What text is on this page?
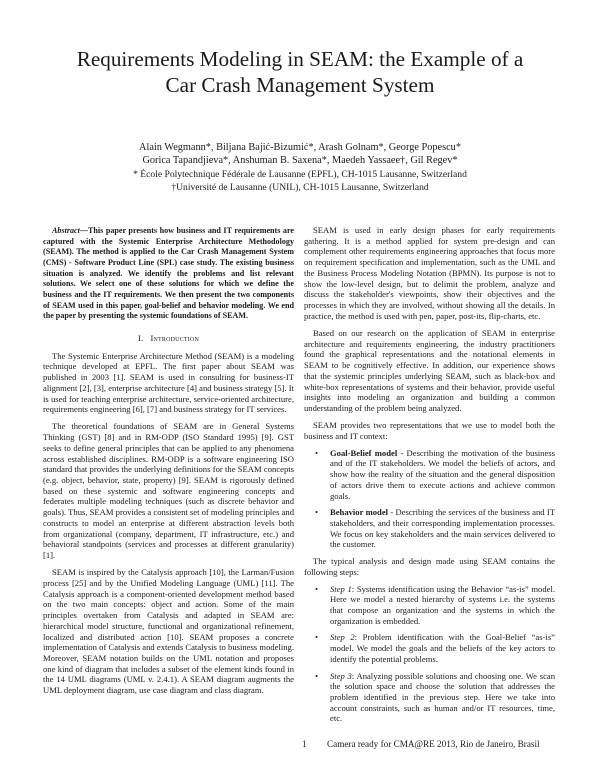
Requirements Modeling in SEAM: the Example of a
Car Crash Management System
Alain Wegmann*, Biljana Bajić-Bizumić*, Arash Golnam*, George Popescu*
Gorica Tapandjieva*, Anshuman B. Saxena*, Maedeh Yassaee†, Gil Regev*
* École Polytechnique Fédérale de Lausanne (EPFL), CH-1015 Lausanne, Switzerland
†Université de Lausanne (UNIL), CH-1015 Lausanne, Switzerland

Abstract—This paper presents how business and IT requirements are captured with the Systemic Enterprise Architecture Methodology (SEAM). The method is applied to the Car Crash Management System (CMS) - Software Product Line (SPL) case study. The existing business situation is analyzed. We identify the problems and list relevant solutions. We select one of these solutions for which we define the business and the IT requirements. We then present the two components of SEAM used in this paper, goal-belief and behavior modeling. We end the paper by presenting the systemic foundations of SEAM.

I. Introduction

The Systemic Enterprise Architecture Method (SEAM) is a modeling technique developed at EPFL. The first paper about SEAM was published in 2003 [1]. SEAM is used in consulting for business-IT alignment [2], [3], enterprise architecture [4] and business strategy [5]. It is used for teaching enterprise architecture, service-oriented architecture, requirements engineering [6], [7] and business strategy for IT services.

The theoretical foundations of SEAM are in General Systems Thinking (GST) [8] and in RM-ODP (ISO Standard 1995) [9]. GST seeks to define general principles that can be applied to any phenomena across established disciplines. RM-ODP is a software engineering ISO standard that provides the underlying definitions for the SEAM concepts (e.g. object, behavior, state, property) [9]. SEAM is rigorously defined based on these systemic and software engineering concepts and federates multiple modeling techniques (such as discrete behavior and goals). Thus, SEAM provides a consistent set of modeling principles and constructs to model an enterprise at different abstraction levels both from organizational (company, department, IT infrastructure, etc.) and behavioral standpoints (services and processes at different granularity) [1].

SEAM is inspired by the Catalysis approach [10], the Larman/Fusion process [25] and by the Unified Modeling Language (UML) [11]. The Catalysis approach is a component-oriented development method based on the two main concepts: object and action. Some of the main principles overtaken from Catalysis and adapted in SEAM are: hierarchical model structure, functional and organizational refinement, localized and distributed action [10]. SEAM proposes a concrete implementation of Catalysis and extends Catalysis to business modeling. Moreover, SEAM notation builds on the UML notation and proposes one kind of diagram that includes a subset of the element kinds found in the 14 UML diagrams (UML v. 2.4.1). A SEAM diagram augments the UML deployment diagram, use case diagram and class diagram.

SEAM is used in early design phases for early requirements gathering. It is a method applied for system pre-design and can complement other requirements engineering approaches that focus more on requirement specification and implementation, such as the UML and the Business Process Modeling Notation (BPMN). Its purpose is not to show the low-level design, but to delimit the problem, analyze and discuss the stakeholder's viewpoints, show their objectives and the processes in which they are involved, without showing all the details. In practice, the method is used with pen, paper, post-its, flip-charts, etc.

Based on our research on the application of SEAM in enterprise architecture and requirements engineering, the industry practitioners found the graphical representations and the notational elements in SEAM to be cognitively effective. In addition, our experience shows that the systemic principles underlying SEAM, such as black-box and white-box representations of systems and their behavior, provide useful insights into modeling an organization and building a common understanding of the problem being analyzed.

SEAM provides two representations that we use to model both the business and IT context:

• Goal-Belief model - Describing the motivation of the business and of the IT stakeholders. We model the beliefs of actors, and show how the reality of the situation and the general disposition of actors drive them to execute actions and achieve common goals.
• Behavior model - Describing the services of the business and IT stakeholders, and their corresponding implementation processes. We focus on key stakeholders and the main services delivered to the customer.

The typical analysis and design made using SEAM contains the following steps:

• Step 1: Systems identification using the Behavior “as-is” model. Here we model a nested hierarchy of systems i.e. the systems that compose an organization and the systems in which the organization is embedded.
• Step 2: Problem identification with the Goal-Belief “as-is” model. We model the goals and the beliefs of the key actors to identify the potential problems.
• Step 3: Analyzing possible solutions and choosing one. We scan the solution space and choose the solution that addresses the problem identified in the previous step. Here we take into account constraints, such as human and/or IT resources, time, etc.
1 Camera ready for CMA@RE 2013, Rio de Janeiro, Brasil
